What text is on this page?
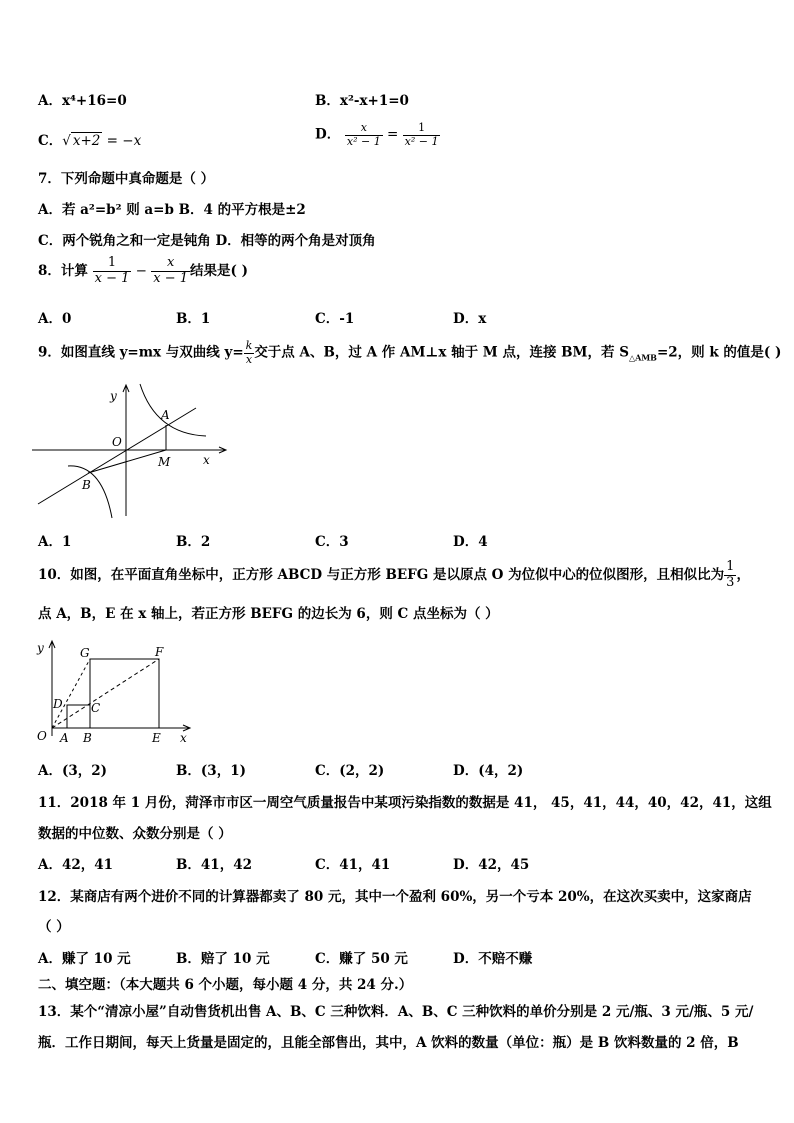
A．x⁴+16=0	B．x²-x+1=0
C．√ x+2 = −x	D． $\frac{x}{\text{x² − 1}} = \frac{1}{\text{x² − 1}}$
7．下列命题中真命题是（ ）
A．若 a²=b² 则 a=b B．4 的平方根是±2
C．两个锐角之和一定是钝角 D．相等的两个角是对顶角
8．计算 $\frac{1}{x - 1} - \frac{x}{x - 1}$ 结果是( )
A．0	B．1	C．-1	D．x
9．如图直线 y=mx 与双曲线 $y= \frac{k}{x}$ 交于点 A、B，过 A 作 AM⊥x 轴于 M 点，连接 BM，若 $S_{\triangle AMB}=2$，则 k 的值是( )
y
A
O
M	x
B
A．1	B．2	C．3	D．4
10．如图，在平面直角坐标中，正方形 ABCD 与正方形 BEFG 是以原点 O 为位似中心的位似图形，且相似比为 $\frac{1}{3}$ ，
点 A，B，E 在 x 轴上，若正方形 BEFG 的边长为 6，则 C 点坐标为（ ）
G	F
D C
O A B	E x
y
A．(3，2)	B．(3，1)	C．(2，2)	D．(4，2)
11．2018 年 1 月份，菏泽市市区一周空气质量报告中某项污染指数的数据是 41， 45，41，44，40，42，41，这组
数据的中位数、众数分别是（ ）
A．42，41	B．41，42	C．41，41	D．42，45
12．某商店有两个进价不同的计算器都卖了 80 元，其中一个盈利 60%，另一个亏本 20%，在这次买卖中，这家商店
（ ）
A．赚了 10 元	B．赔了 10 元	C．赚了 50 元	D．不赔不赚
二、填空题：（本大题共 6 个小题，每小题 4 分，共 24 分.）
13．某个“清凉小屋”自动售货机出售 A、B、C 三种饮料．A、B、C 三种饮料的单价分别是 2 元/瓶、3 元/瓶、5 元/
瓶．工作日期间，每天上货量是固定的，且能全部售出，其中，A 饮料的数量（单位：瓶）是 B 饮料数量的 2 倍，B
